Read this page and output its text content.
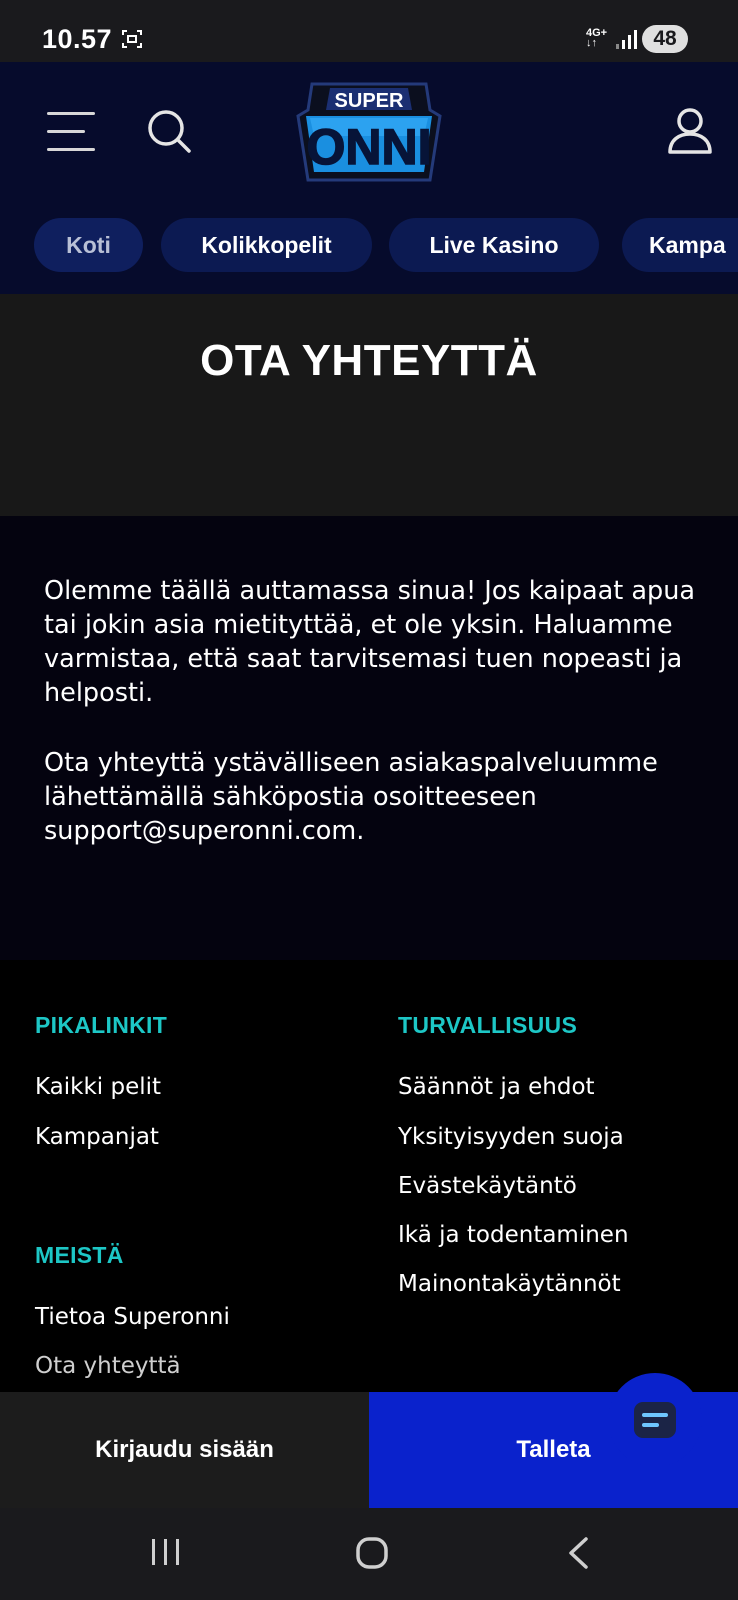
10.57	4G+
↓↑	48
SUPER
ONNI
Koti	Kolikkopelit	Live Kasino	Kampa
OTA YHTEYTTÄ

Olemme täällä auttamassa sinua! Jos kaipaat apua tai jokin asia mietityttää, et ole yksin. Haluamme varmistaa, että saat tarvitsemasi tuen nopeasti ja helposti.

Ota yhteyttä ystävälliseen asiakaspalveluumme lähettämällä sähköpostia osoitteeseen support@superonni.com.

PIKALINKIT
Kaikki pelit
Kampanjat
MEISTÄ
Tietoa Superonni
Ota yhteyttä
TURVALLISUUS
Säännöt ja ehdot
Yksityisyyden suoja
Evästekäytäntö
Ikä ja todentaminen
Mainontakäytännöt
Kirjaudu sisään	Talleta
